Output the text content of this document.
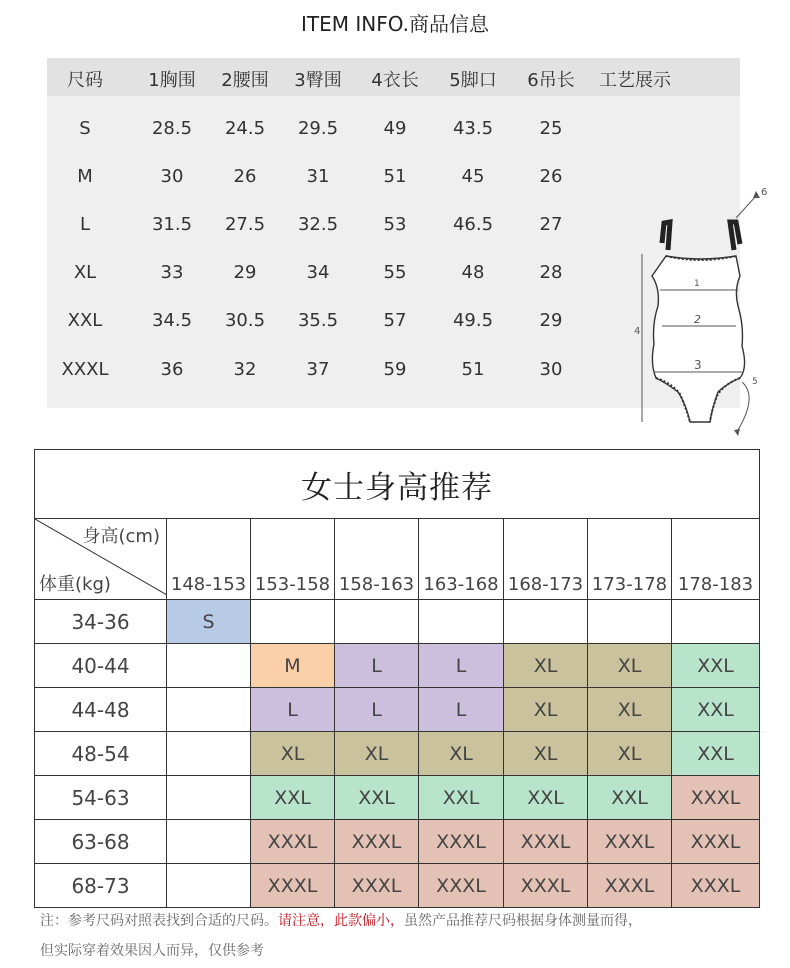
ITEM INFO.商品信息
尺码	1胸围	2腰围	3臀围	4衣长	5脚口	6吊长	工艺展示
S	28.5	24.5	29.5	49	43.5	25
M	30	26	31	51	45	26
L	31.5	27.5	32.5	53	46.5	27
XL	33	29	34	55	48	28
XXL	34.5	30.5	35.5	57	49.5	29
XXXL	36	32	37	59	51	30
1
2
3
4
5
6
女士身高推荐							

身高(cm)
体重(kg)	148-153	153-158	158-163	163-168	168-173	173-178	178-183
34-36	S						
40-44		M	L	L	XL	XL	XXL
44-48		L	L	L	XL	XL	XXL
48-54		XL	XL	XL	XL	XL	XXL
54-63		XXL	XXL	XXL	XXL	XXL	XXXL
63-68		XXXL	XXXL	XXXL	XXXL	XXXL	XXXL
68-73		XXXL	XXXL	XXXL	XXXL	XXXL	XXXL
注：参考尺码对照表找到合适的尺码。请注意，此款偏小，虽然产品推荐尺码根据身体测量而得，
但实际穿着效果因人而异，仅供参考
